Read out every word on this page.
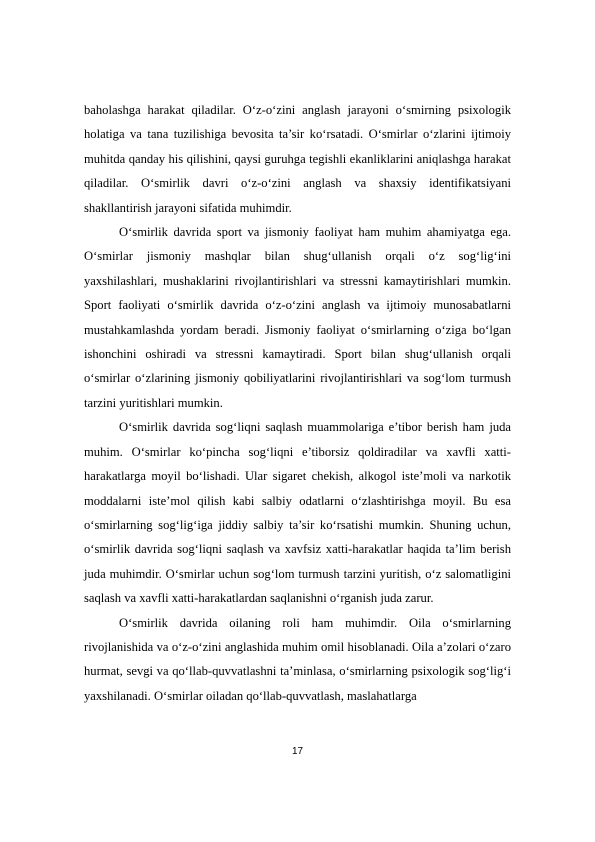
baholashga harakat qiladilar. O‘z-o‘zini anglash jarayoni o‘smirning psixologik holatiga va tana tuzilishiga bevosita ta’sir ko‘rsatadi. O‘smirlar o‘zlarini ijtimoiy muhitda qanday his qilishini, qaysi guruhga tegishli ekanliklarini aniqlashga harakat qiladilar. O‘smirlik davri o‘z-o‘zini anglash va shaxsiy identifikatsiyani shakllantirish jarayoni sifatida muhimdir.

O‘smirlik davrida sport va jismoniy faoliyat ham muhim ahamiyatga ega. O‘smirlar jismoniy mashqlar bilan shug‘ullanish orqali o‘z sog‘lig‘ini yaxshilashlari, mushaklarini rivojlantirishlari va stressni kamaytirishlari mumkin. Sport faoliyati o‘smirlik davrida o‘z-o‘zini anglash va ijtimoiy munosabatlarni mustahkamlashda yordam beradi. Jismoniy faoliyat o‘smirlarning o‘ziga bo‘lgan ishonchini oshiradi va stressni kamaytiradi. Sport bilan shug‘ullanish orqali o‘smirlar o‘zlarining jismoniy qobiliyatlarini rivojlantirishlari va sog‘lom turmush tarzini yuritishlari mumkin.

O‘smirlik davrida sog‘liqni saqlash muammolariga e’tibor berish ham juda muhim. O‘smirlar ko‘pincha sog‘liqni e’tiborsiz qoldiradilar va xavfli xatti-harakatlarga moyil bo‘lishadi. Ular sigaret chekish, alkogol iste’moli va narkotik moddalarni iste’mol qilish kabi salbiy odatlarni o‘zlashtirishga moyil. Bu esa o‘smirlarning sog‘lig‘iga jiddiy salbiy ta’sir ko‘rsatishi mumkin. Shuning uchun, o‘smirlik davrida sog‘liqni saqlash va xavfsiz xatti-harakatlar haqida ta’lim berish juda muhimdir. O‘smirlar uchun sog‘lom turmush tarzini yuritish, o‘z salomatligini saqlash va xavfli xatti-harakatlardan saqlanishni o‘rganish juda zarur.

O‘smirlik davrida oilaning roli ham muhimdir. Oila o‘smirlarning rivojlanishida va o‘z-o‘zini anglashida muhim omil hisoblanadi. Oila a’zolari o‘zaro hurmat, sevgi va qo‘llab-quvvatlashni ta’minlasa, o‘smirlarning psixologik sog‘lig‘i yaxshilanadi. O‘smirlar oiladan qo‘llab-quvvatlash, maslahatlarga

17
